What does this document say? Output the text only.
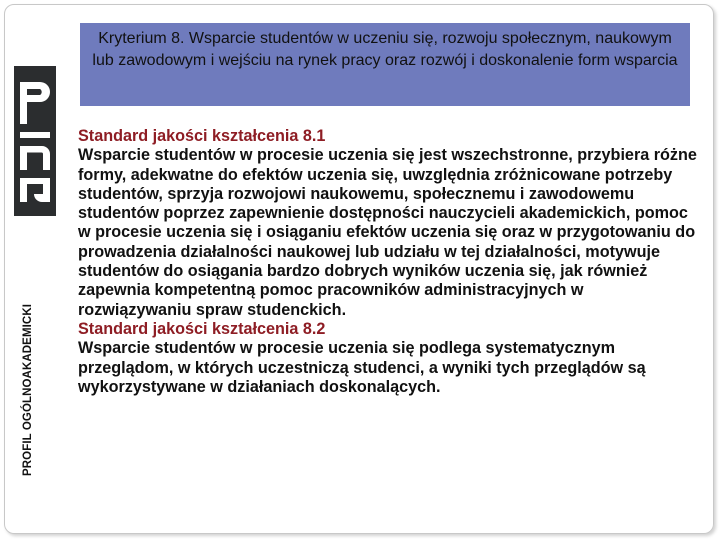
PROFIL OGÓLNOAKADEMICKI
Kryterium 8. Wsparcie studentów w uczeniu się, rozwoju społecznym, naukowym lub zawodowym i wejściu na rynek pracy oraz rozwój i doskonalenie form wsparcia

Standard jakości kształcenia 8.1

Wsparcie studentów w procesie uczenia się jest wszechstronne, przybiera różne formy, adekwatne do efektów uczenia się, uwzględnia zróżnicowane potrzeby studentów, sprzyja rozwojowi naukowemu, społecznemu i zawodowemu studentów poprzez zapewnienie dostępności nauczycieli akademickich, pomoc w procesie uczenia się i osiąganiu efektów uczenia się oraz w przygotowaniu do prowadzenia działalności naukowej lub udziału w tej działalności, motywuje studentów do osiągania bardzo dobrych wyników uczenia się, jak również zapewnia kompetentną pomoc pracowników administracyjnych w rozwiązywaniu spraw studenckich.

Standard jakości kształcenia 8.2

Wsparcie studentów w procesie uczenia się podlega systematycznym przeglądom, w których uczestniczą studenci, a wyniki tych przeglądów są wykorzystywane w działaniach doskonalących.
